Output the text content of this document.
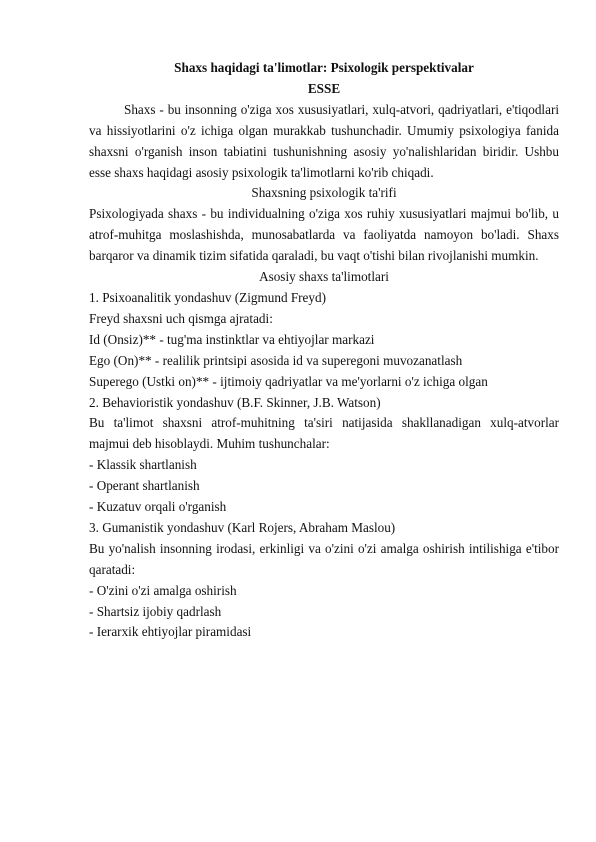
Shaxs haqidagi ta'limotlar: Psixologik perspektivalar

ESSE

Shaxs - bu insonning o'ziga xos xususiyatlari, xulq-atvori, qadriyatlari, e'tiqodlari va hissiyotlarini o'z ichiga olgan murakkab tushunchadir. Umumiy psixologiya fanida shaxsni o'rganish inson tabiatini tushunishning asosiy yo'nalishlaridan biridir. Ushbu esse shaxs haqidagi asosiy psixologik ta'limotlarni ko'rib chiqadi.

Shaxsning psixologik ta'rifi

Psixologiyada shaxs - bu individualning o'ziga xos ruhiy xususiyatlari majmui bo'lib, u atrof-muhitga moslashishda, munosabatlarda va faoliyatda namoyon bo'ladi. Shaxs barqaror va dinamik tizim sifatida qaraladi, bu vaqt o'tishi bilan rivojlanishi mumkin.

Asosiy shaxs ta'limotlari

1. Psixoanalitik yondashuv (Zigmund Freyd)

Freyd shaxsni uch qismga ajratadi:

Id (Onsiz)** - tug'ma instinktlar va ehtiyojlar markazi

Ego (On)** - realilik printsipi asosida id va superegoni muvozanatlash

Superego (Ustki on)** - ijtimoiy qadriyatlar va me'yorlarni o'z ichiga olgan

2. Behavioristik yondashuv (B.F. Skinner, J.B. Watson)

Bu ta'limot shaxsni atrof-muhitning ta'siri natijasida shakllanadigan xulq-atvorlar majmui deb hisoblaydi. Muhim tushunchalar:

- Klassik shartlanish

- Operant shartlanish

- Kuzatuv orqali o'rganish

3. Gumanistik yondashuv (Karl Rojers, Abraham Maslou)

Bu yo'nalish insonning irodasi, erkinligi va o'zini o'zi amalga oshirish intilishiga e'tibor qaratadi:

- O'zini o'zi amalga oshirish

- Shartsiz ijobiy qadrlash

- Ierarxik ehtiyojlar piramidasi
